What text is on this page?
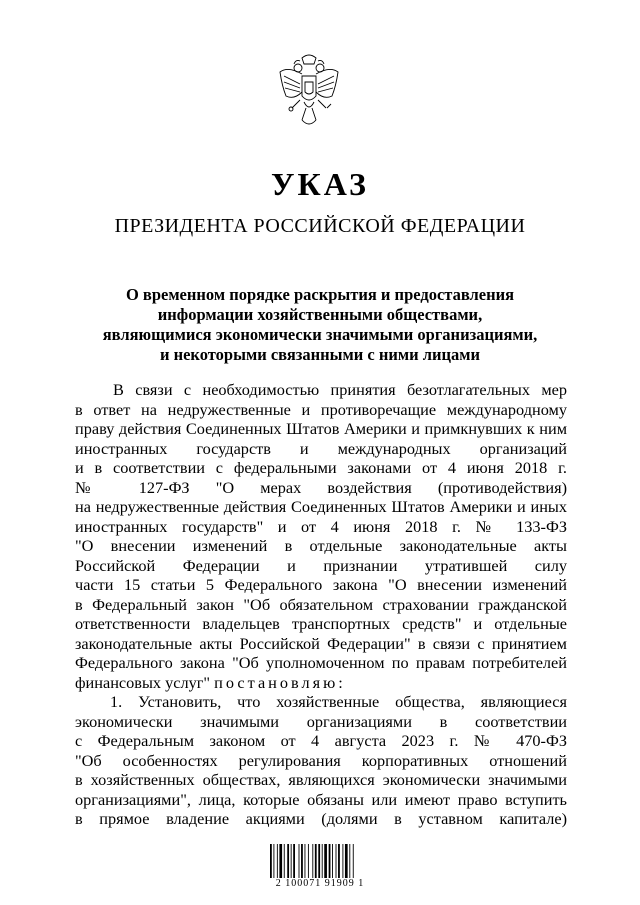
УКАЗ
ПРЕЗИДЕНТА РОССИЙСКОЙ ФЕДЕРАЦИИ
О временном порядке раскрытия и предоставления
информации хозяйственными обществами,
являющимися экономически значимыми организациями,
и некоторыми связанными с ними лицами
В связи с необходимостью принятия безотлагательных мер
в ответ на недружественные и противоречащие международному
праву действия Соединенных Штатов Америки и примкнувших к ним
иностранных государств и международных организаций
и в соответствии с федеральными законами от 4 июня 2018 г.
№ 127-ФЗ "О мерах воздействия (противодействия)
на недружественные действия Соединенных Штатов Америки и иных
иностранных государств" и от 4 июня 2018 г. № 133-ФЗ
"О внесении изменений в отдельные законодательные акты
Российской Федерации и признании утратившей силу
части 15 статьи 5 Федерального закона "О внесении изменений
в Федеральный закон "Об обязательном страховании гражданской
ответственности владельцев транспортных средств" и отдельные
законодательные акты Российской Федерации" в связи с принятием
Федерального закона "Об уполномоченном по правам потребителей
финансовых услуг" постановляю:
1. Установить, что хозяйственные общества, являющиеся
экономически значимыми организациями в соответствии
с Федеральным законом от 4 августа 2023 г. № 470-ФЗ
"Об особенностях регулирования корпоративных отношений
в хозяйственных обществах, являющихся экономически значимыми
организациями", лица, которые обязаны или имеют право вступить
в прямое владение акциями (долями в уставном капитале)
2 100071 91909 1
